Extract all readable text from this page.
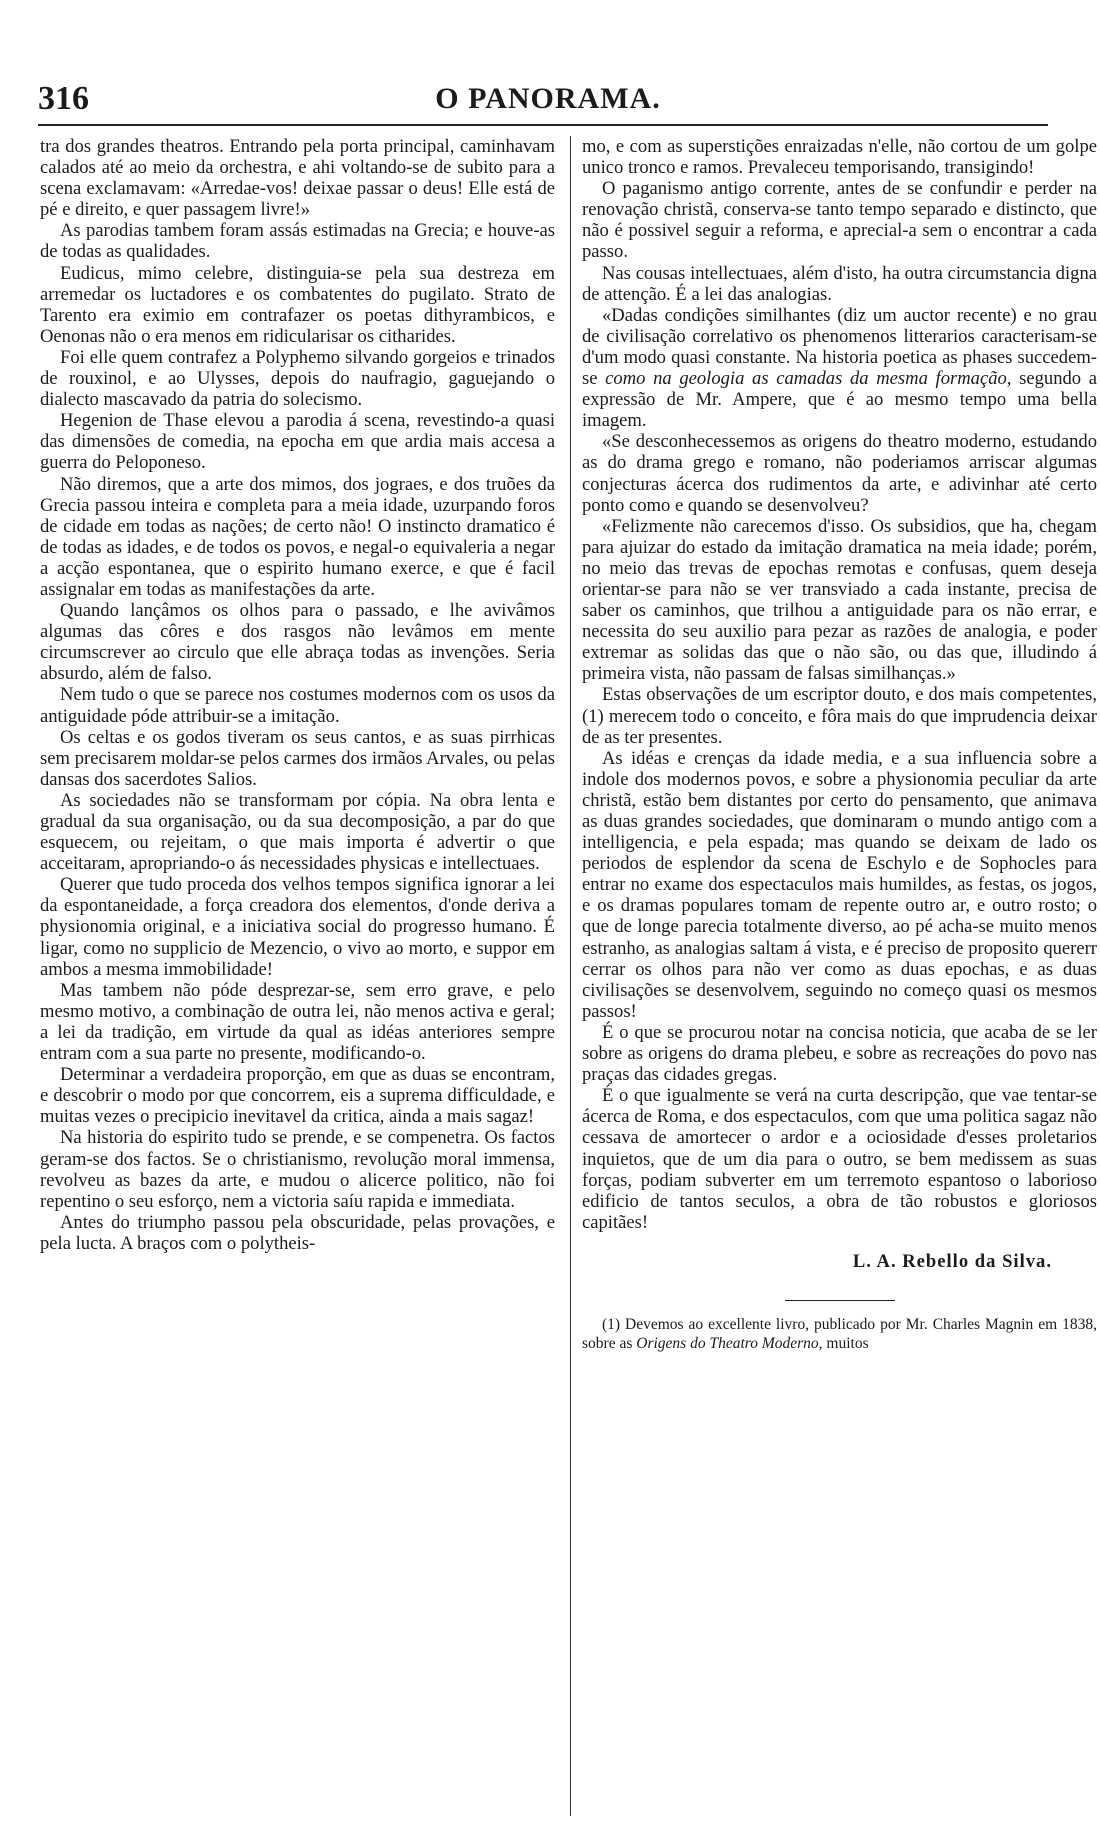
316	O PANORAMA.

tra dos grandes theatros. Entrando pela porta principal, caminhavam calados até ao meio da orchestra, e ahi voltando-se de subito para a scena exclamavam: «Arredae-vos! deixae passar o deus! Elle está de pé e direito, e quer passagem livre!»

As parodias tambem foram assás estimadas na Grecia; e houve-as de todas as qualidades.

Eudicus, mimo celebre, distinguia-se pela sua destreza em arremedar os luctadores e os combatentes do pugilato. Strato de Tarento era eximio em contrafazer os poetas dithyrambicos, e Oenonas não o era menos em ridicularisar os citharides.

Foi elle quem contrafez a Polyphemo silvando gorgeios e trinados de rouxinol, e ao Ulysses, depois do naufragio, gaguejando o dialecto mascavado da patria do solecismo.

Hegenion de Thase elevou a parodia á scena, revestindo-a quasi das dimensões de comedia, na epocha em que ardia mais accesa a guerra do Peloponeso.

Não diremos, que a arte dos mimos, dos jograes, e dos truões da Grecia passou inteira e completa para a meia idade, uzurpando foros de cidade em todas as nações; de certo não! O instincto dramatico é de todas as idades, e de todos os povos, e negal-o equivaleria a negar a acção espontanea, que o espirito humano exerce, e que é facil assignalar em todas as manifestações da arte.

Quando lançâmos os olhos para o passado, e lhe avivâmos algumas das côres e dos rasgos não levâmos em mente circumscrever ao circulo que elle abraça todas as invenções. Seria absurdo, além de falso.

Nem tudo o que se parece nos costumes modernos com os usos da antiguidade póde attribuir-se a imitação.

Os celtas e os godos tiveram os seus cantos, e as suas pirrhicas sem precisarem moldar-se pelos carmes dos irmãos Arvales, ou pelas dansas dos sacerdotes Salios.

As sociedades não se transformam por cópia. Na obra lenta e gradual da sua organisação, ou da sua decomposição, a par do que esquecem, ou rejeitam, o que mais importa é advertir o que acceitaram, apropriando-o ás necessidades physicas e intellectuaes.

Querer que tudo proceda dos velhos tempos significa ignorar a lei da espontaneidade, a força creadora dos elementos, d'onde deriva a physionomia original, e a iniciativa social do progresso humano. É ligar, como no supplicio de Mezencio, o vivo ao morto, e suppor em ambos a mesma immobilidade!

Mas tambem não póde desprezar-se, sem erro grave, e pelo mesmo motivo, a combinação de outra lei, não menos activa e geral; a lei da tradição, em virtude da qual as idéas anteriores sempre entram com a sua parte no presente, modificando-o.

Determinar a verdadeira proporção, em que as duas se encontram, e descobrir o modo por que concorrem, eis a suprema difficuldade, e muitas vezes o precipicio inevitavel da critica, ainda a mais sagaz!

Na historia do espirito tudo se prende, e se compenetra. Os factos geram-se dos factos. Se o christianismo, revolução moral immensa, revolveu as bazes da arte, e mudou o alicerce politico, não foi repentino o seu esforço, nem a victoria saíu rapida e immediata.

Antes do triumpho passou pela obscuridade, pelas provações, e pela lucta. A braços com o polytheis-

mo, e com as superstições enraizadas n'elle, não cortou de um golpe unico tronco e ramos. Prevaleceu temporisando, transigindo!

O paganismo antigo corrente, antes de se confundir e perder na renovação christã, conserva-se tanto tempo separado e distincto, que não é possivel seguir a reforma, e aprecial-a sem o encontrar a cada passo.

Nas cousas intellectuaes, além d'isto, ha outra circumstancia digna de attenção. É a lei das analogias.

«Dadas condições similhantes (diz um auctor recente) e no grau de civilisação correlativo os phenomenos litterarios caracterisam-se d'um modo quasi constante. Na historia poetica as phases succedem-se como na geologia as camadas da mesma formação, segundo a expressão de Mr. Ampere, que é ao mesmo tempo uma bella imagem.

«Se desconhecessemos as origens do theatro moderno, estudando as do drama grego e romano, não poderiamos arriscar algumas conjecturas ácerca dos rudimentos da arte, e adivinhar até certo ponto como e quando se desenvolveu?

«Felizmente não carecemos d'isso. Os subsidios, que ha, chegam para ajuizar do estado da imitação dramatica na meia idade; porém, no meio das trevas de epochas remotas e confusas, quem deseja orientar-se para não se ver transviado a cada instante, precisa de saber os caminhos, que trilhou a antiguidade para os não errar, e necessita do seu auxilio para pezar as razões de analogia, e poder extremar as solidas das que o não são, ou das que, illudindo á primeira vista, não passam de falsas similhanças.»

Estas observações de um escriptor douto, e dos mais competentes, (1) merecem todo o conceito, e fôra mais do que imprudencia deixar de as ter presentes.

As idéas e crenças da idade media, e a sua influencia sobre a indole dos modernos povos, e sobre a physionomia peculiar da arte christã, estão bem distantes por certo do pensamento, que animava as duas grandes sociedades, que dominaram o mundo antigo com a intelligencia, e pela espada; mas quando se deixam de lado os periodos de esplendor da scena de Eschylo e de Sophocles para entrar no exame dos espectaculos mais humildes, as festas, os jogos, e os dramas populares tomam de repente outro ar, e outro rosto; o que de longe parecia totalmente diverso, ao pé acha-se muito menos estranho, as analogias saltam á vista, e é preciso de proposito quererr cerrar os olhos para não ver como as duas epochas, e as duas civilisações se desenvolvem, seguindo no começo quasi os mesmos passos!

É o que se procurou notar na concisa noticia, que acaba de se ler sobre as origens do drama plebeu, e sobre as recreações do povo nas praças das cidades gregas.

É o que igualmente se verá na curta descripção, que vae tentar-se ácerca de Roma, e dos espectaculos, com que uma politica sagaz não cessava de amortecer o ardor e a ociosidade d'esses proletarios inquietos, que de um dia para o outro, se bem medissem as suas forças, podiam subverter em um terremoto espantoso o laborioso edificio de tantos seculos, a obra de tão robustos e gloriosos capitães!

L. A. Rebello da Silva.

(1) Devemos ao excellente livro, publicado por Mr. Charles Magnin em 1838, sobre as Origens do Theatro Moderno, muitos
